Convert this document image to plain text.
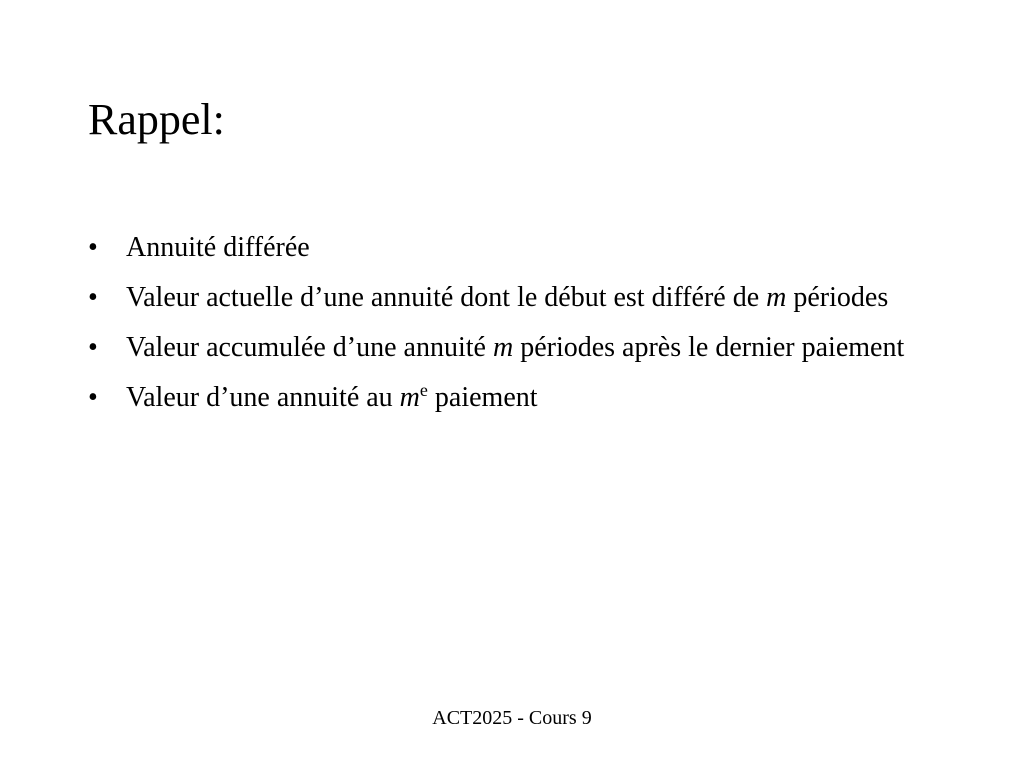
Rappel:
• Annuité différée
• Valeur actuelle d’une annuité dont le début est différé de m périodes
• Valeur accumulée d’une annuité m périodes après le dernier paiement
• Valeur d’une annuité au $m^e$ paiement
ACT2025 - Cours 9
